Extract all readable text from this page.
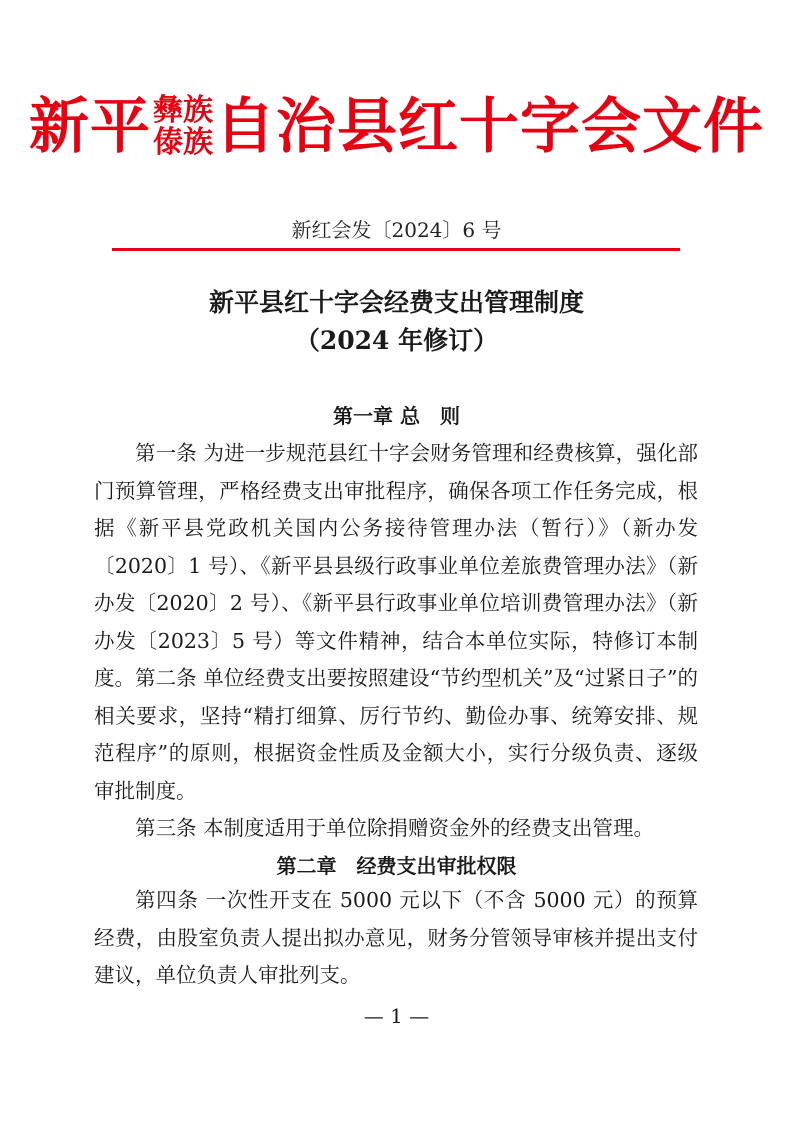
新平 彝族
傣族 自治县红十字会文件
新红会发〔2024〕6 号
新平县红十字会经费支出管理制度
（2024 年修订）
第一章 总　则

第一条 为进一步规范县红十字会财务管理和经费核算，强化部门预算管理，严格经费支出审批程序，确保各项工作任务完成，根据《新平县党政机关国内公务接待管理办法（暂行）》（新办发〔2020〕1 号）、《新平县县级行政事业单位差旅费管理办法》（新办发〔2020〕2 号）、《新平县行政事业单位培训费管理办法》（新办发〔2023〕5 号）等文件精神，结合本单位实际，特修订本制度。 第二条 单位经费支出要按照建设“节约型机关”及“过紧日子”的相关要求，坚持“精打细算、厉行节约、勤俭办事、统筹安排、规范程序”的原则，根据资金性质及金额大小，实行分级负责、逐级审批制度。

第三条 本制度适用于单位除捐赠资金外的经费支出管理。

第二章　经费支出审批权限

第四条 一次性开支在 5000 元以下（不含 5000 元）的预算经费，由股室负责人提出拟办意见，财务分管领导审核并提出支付建议，单位负责人审批列支。

— 1 —
